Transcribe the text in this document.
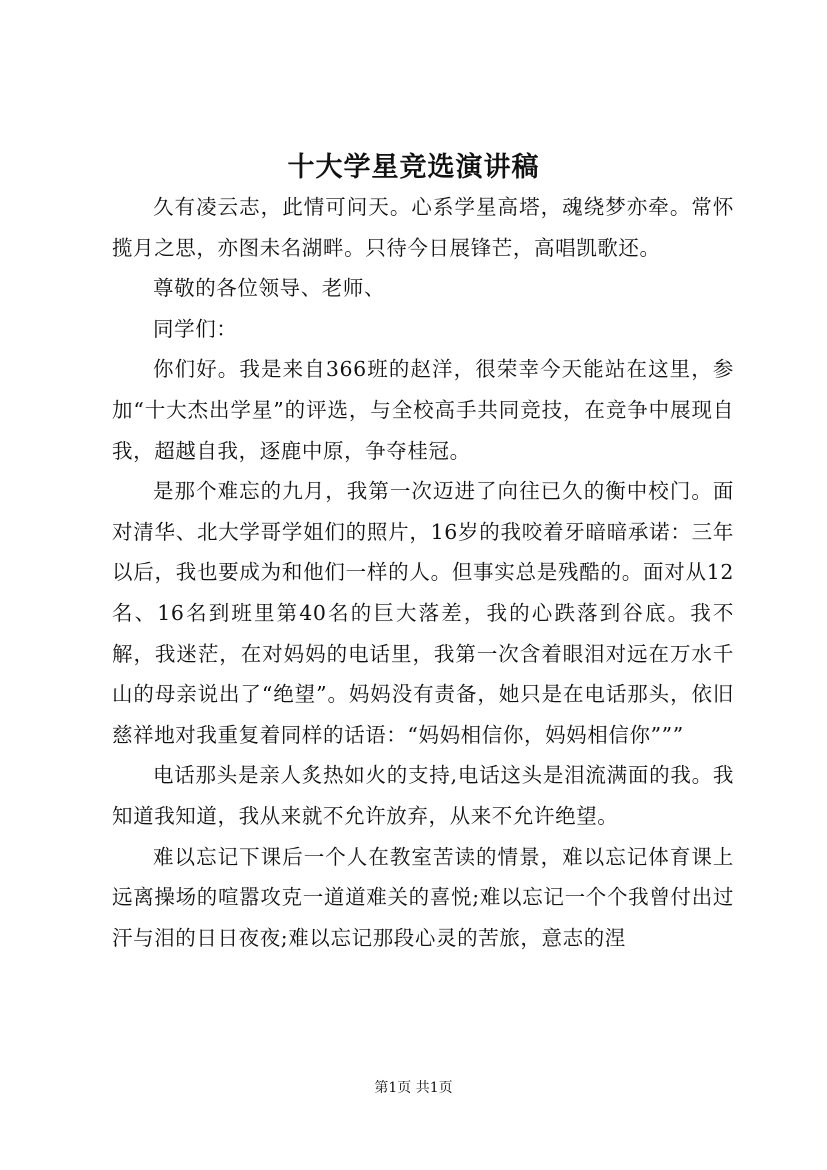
十大学星竞选演讲稿

久有凌云志，此情可问天。心系学星高塔，魂绕梦亦牵。常怀揽月之思，亦图未名湖畔。只待今日展锋芒，高唱凯歌还。

尊敬的各位领导、老师、

同学们：

你们好。我是来自366班的赵洋，很荣幸今天能站在这里，参加“十大杰出学星”的评选，与全校高手共同竞技，在竞争中展现自我，超越自我，逐鹿中原，争夺桂冠。

是那个难忘的九月，我第一次迈进了向往已久的衡中校门。面对清华、北大学哥学姐们的照片，16岁的我咬着牙暗暗承诺：三年以后，我也要成为和他们一样的人。但事实总是残酷的。面对从12名、16名到班里第40名的巨大落差，我的心跌落到谷底。我不解，我迷茫，在对妈妈的电话里，我第一次含着眼泪对远在万水千山的母亲说出了“绝望”。妈妈没有责备，她只是在电话那头，依旧慈祥地对我重复着同样的话语：“妈妈相信你，妈妈相信你”””

电话那头是亲人炙热如火的支持,电话这头是泪流满面的我。我知道我知道，我从来就不允许放弃，从来不允许绝望。

难以忘记下课后一个人在教室苦读的情景，难以忘记体育课上远离操场的喧嚣攻克一道道难关的喜悦;难以忘记一个个我曾付出过汗与泪的日日夜夜;难以忘记那段心灵的苦旅，意志的涅

第1页 共1页
